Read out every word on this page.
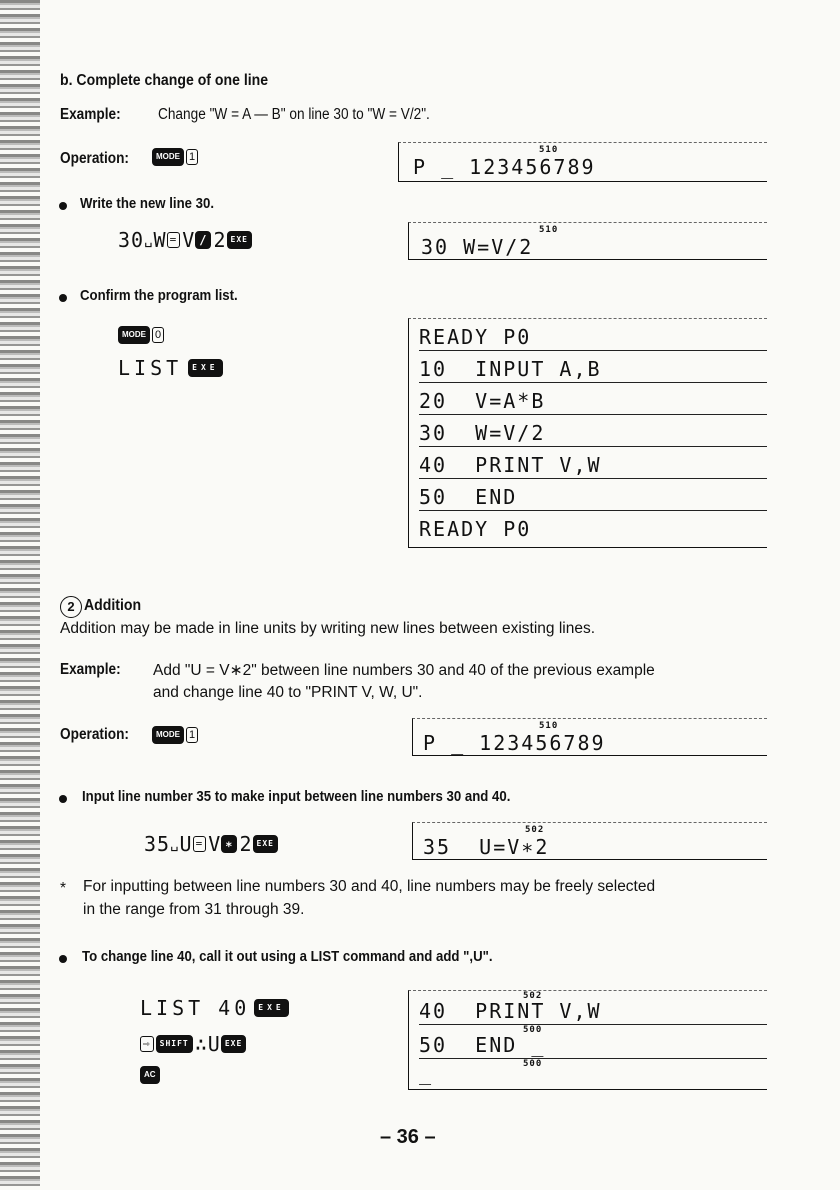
b. Complete change of one line
Example: Change "W = A — B" on line 30 to "W = V/2".
Operation:	MODE 1
510
P _ 123456789
Write the new line 30.
30 ␣ W = V / 2 EXE
510
30 W=V/2
Confirm the program list.
MODE 0
LIST	EXE
READY P0
10  INPUT A,B
20  V=A*B
30  W=V/2
40  PRINT V,W
50  END
READY P0
2 Addition
Addition may be made in line units by writing new lines between existing lines.
Example: Add "U = V∗2" between line numbers 30 and 40 of the previous example
and change line 40 to "PRINT V, W, U".
Operation:	MODE 1
510
P _ 123456789
Input line number 35 to make input between line numbers 30 and 40.
35 ␣ U = V ∗ 2 EXE
502
35  U=V∗2
* For inputting between line numbers 30 and 40, line numbers may be freely selected
in the range from 31 through 39.
To change line 40, call it out using a LIST command and add ",U".
LIST 40	EXE
⇨	SHIFT ∴ U EXE
AC
502
40  PRINT V,W
500
50  END _
500
_
– 36 –
